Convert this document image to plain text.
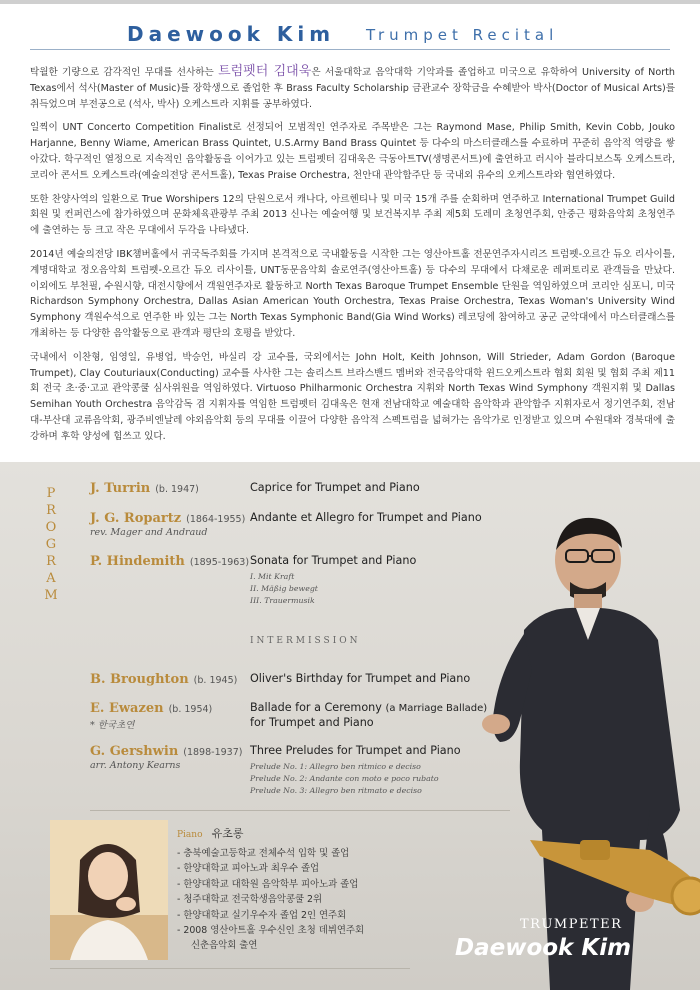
Daewook Kim Trumpet Recital

탁월한 기량으로 감각적인 무대를 선사하는 트럼펫터 김대욱은 서울대학교 음악대학 기악과를 졸업하고 미국으로 유학하여 University of North Texas에서 석사(Master of Music)를 장학생으로 졸업한 후 Brass Faculty Scholarship 금관교수 장학금을 수혜받아 박사(Doctor of Musical Arts)를 취득었으며 부전공으로 (석사, 박사) 오케스트라 지휘를 공부하였다.

일찍이 UNT Concerto Competition Finalist로 선정되어 모범적인 연주자로 주목받은 그는 Raymond Mase, Philip Smith, Kevin Cobb, Jouko Harjanne, Benny Wiame, American Brass Quintet, U.S.Army Band Brass Quintet 등 다수의 마스터클래스를 수료하며 꾸준히 음악적 역량을 쌓아갔다. 학구적인 열정으로 지속적인 음악활동을 이어가고 있는 트럼펫터 김대욱은 극동아트TV(생명콘서트)에 출연하고 러시아 블라디보스톡 오케스트라, 코리아 콘서트 오케스트라(예술의전당 콘서트홀), Texas Praise Orchestra, 천안대 관악합주단 등 국내외 유수의 오케스트라와 협연하였다.

또한 찬양사역의 일환으로 True Worshipers 12의 단원으로서 캐나다, 아르헨티나 및 미국 15개 주를 순회하며 연주하고 International Trumpet Guild 회원 및 컨퍼런스에 참가하였으며 문화체육관광부 주최 2013 신나는 예술여행 및 보건복지부 주최 제5회 도레미 초청연주회, 안중근 평화음악회 초청연주에 출연하는 등 크고 작은 무대에서 두각을 나타냈다.

2014년 예술의전당 IBK챔버홀에서 귀국독주회를 가지며 본격적으로 국내활동을 시작한 그는 영산아트홀 전문연주자시리즈 트럼펫-오르간 듀오 리사이틀, 계명대학교 정오음악회 트럼펫-오르간 듀오 리사이틀, UNT동문음악회 솔로연주(영산아트홀) 등 다수의 무대에서 다채로운 레퍼토리로 관객들을 만났다. 이외에도 부천필, 수원시향, 대전시향에서 객원연주자로 활동하고 North Texas Baroque Trumpet Ensemble 단원을 역임하였으며 코리안 심포니, 미국 Richardson Symphony Orchestra, Dallas Asian American Youth Orchestra, Texas Praise Orchestra, Texas Woman's University Wind Symphony 객원수석으로 연주한 바 있는 그는 North Texas Symphonic Band(Gia Wind Works) 레코딩에 참여하고 공군 군악대에서 마스터클래스를 개최하는 등 다양한 음악활동으로 관객과 평단의 호평을 받았다.

국내에서 이찬형, 임영일, 유병업, 박승언, 바실리 강 교수를, 국외에서는 John Holt, Keith Johnson, Will Strieder, Adam Gordon (Baroque Trumpet), Clay Couturiaux(Conducting) 교수를 사사한 그는 솔리스트 브라스밴드 멤버와 전국음악대학 윈드오케스트라 협회 회원 및 협회 주최 제11회 전국 초·중·고교 관악콩쿨 심사위원을 역임하였다. Virtuoso Philharmonic Orchestra 지휘와 North Texas Wind Symphony 객원지휘 및 Dallas Semihan Youth Orchestra 음악감독 겸 지휘자를 역임한 트럼펫터 김대욱은 현재 전남대학교 예술대학 음악학과 관악합주 지휘자로서 정기연주회, 전남대-부산대 교류음악회, 광주비엔날레 야외음악회 등의 무대를 이끌어 다양한 음악적 스펙트럼을 넓혀가는 음악가로 인정받고 있으며 수원대와 경북대에 출강하며 후학 양성에 힘쓰고 있다.

P
R
O
G
R
A
M
J. Turrin (b. 1947)	Caprice for Trumpet and Piano
J. G. Ropartz (1864-1955)
rev. Mager and Andraud
Andante et Allegro for Trumpet and Piano
P. Hindemith (1895-1963) Sonata for Trumpet and Piano
I. Mit Kraft
II. Mäßig bewegt
III. Trauermusik
INTERMISSION
B. Broughton (b. 1945) Oliver's Birthday for Trumpet and Piano
E. Ewazen (b. 1954)
* 한국초연
Ballade for a Ceremony (a Marriage Ballade)
for Trumpet and Piano
G. Gershwin (1898-1937)
arr. Antony Kearns
Three Preludes for Trumpet and Piano
Prelude No. 1: Allegro ben ritmico e deciso
Prelude No. 2: Andante con moto e poco rubato
Prelude No. 3: Allegro ben ritmato e deciso
Piano 유초롱
- 충북예술고등학교 전체수석 입학 및 졸업
- 한양대학교 피아노과 최우수 졸업
- 한양대학교 대학원 음악학부 피아노과 졸업
- 청주대학교 전국학생음악콩쿨 2위
- 한양대학교 실기우수자 졸업 2인 연주회
- 2008 영산아트홀 우수신인 초청 데뷔연주회
신춘음악회 출연
TRUMPETER
Daewook Kim
